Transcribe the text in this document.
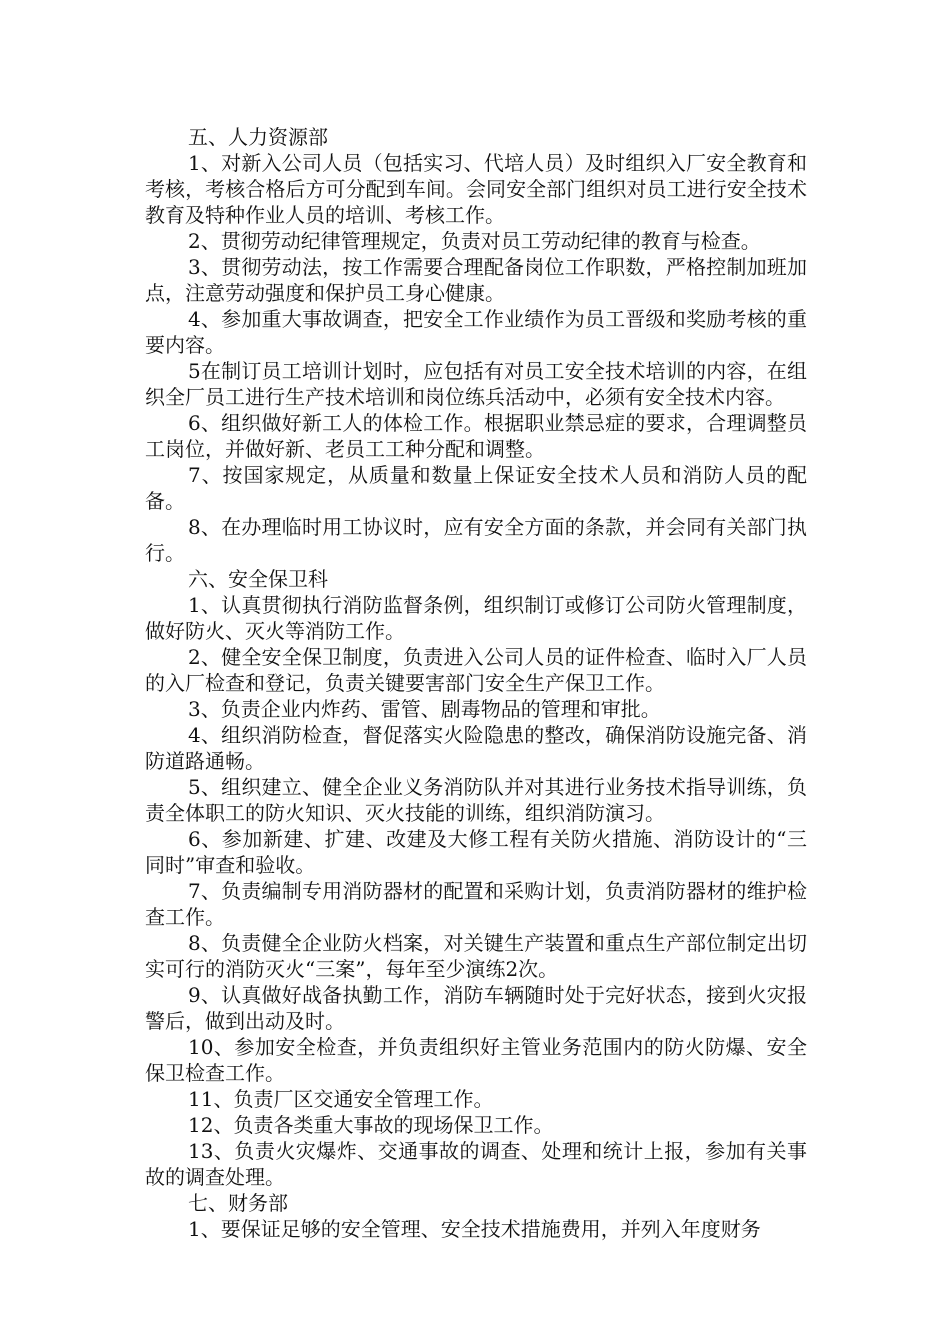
五、人力资源部

1、对新入公司人员（包括实习、代培人员）及时组织入厂安全教育和考核，考核合格后方可分配到车间。会同安全部门组织对员工进行安全技术教育及特种作业人员的培训、考核工作。

2、贯彻劳动纪律管理规定，负责对员工劳动纪律的教育与检查。

3、贯彻劳动法，按工作需要合理配备岗位工作职数，严格控制加班加点，注意劳动强度和保护员工身心健康。

4、参加重大事故调查，把安全工作业绩作为员工晋级和奖励考核的重要内容。

5在制订员工培训计划时，应包括有对员工安全技术培训的内容，在组织全厂员工进行生产技术培训和岗位练兵活动中，必须有安全技术内容。

6、组织做好新工人的体检工作。根据职业禁忌症的要求，合理调整员工岗位，并做好新、老员工工种分配和调整。

7、按国家规定，从质量和数量上保证安全技术人员和消防人员的配备。

8、在办理临时用工协议时，应有安全方面的条款，并会同有关部门执行。

六、安全保卫科

1、认真贯彻执行消防监督条例，组织制订或修订公司防火管理制度，做好防火、灭火等消防工作。

2、健全安全保卫制度，负责进入公司人员的证件检查、临时入厂人员的入厂检查和登记，负责关键要害部门安全生产保卫工作。

3、负责企业内炸药、雷管、剧毒物品的管理和审批。

4、组织消防检查，督促落实火险隐患的整改，确保消防设施完备、消防道路通畅。

5、组织建立、健全企业义务消防队并对其进行业务技术指导训练，负责全体职工的防火知识、灭火技能的训练，组织消防演习。

6、参加新建、扩建、改建及大修工程有关防火措施、消防设计的“三同时”审查和验收。

7、负责编制专用消防器材的配置和采购计划，负责消防器材的维护检查工作。

8、负责健全企业防火档案，对关键生产装置和重点生产部位制定出切实可行的消防灭火“三案”，每年至少演练2次。

9、认真做好战备执勤工作，消防车辆随时处于完好状态，接到火灾报警后，做到出动及时。

10、参加安全检查，并负责组织好主管业务范围内的防火防爆、安全保卫检查工作。

11、负责厂区交通安全管理工作。

12、负责各类重大事故的现场保卫工作。

13、负责火灾爆炸、交通事故的调查、处理和统计上报，参加有关事故的调查处理。

七、财务部

1、要保证足够的安全管理、安全技术措施费用，并列入年度财务
